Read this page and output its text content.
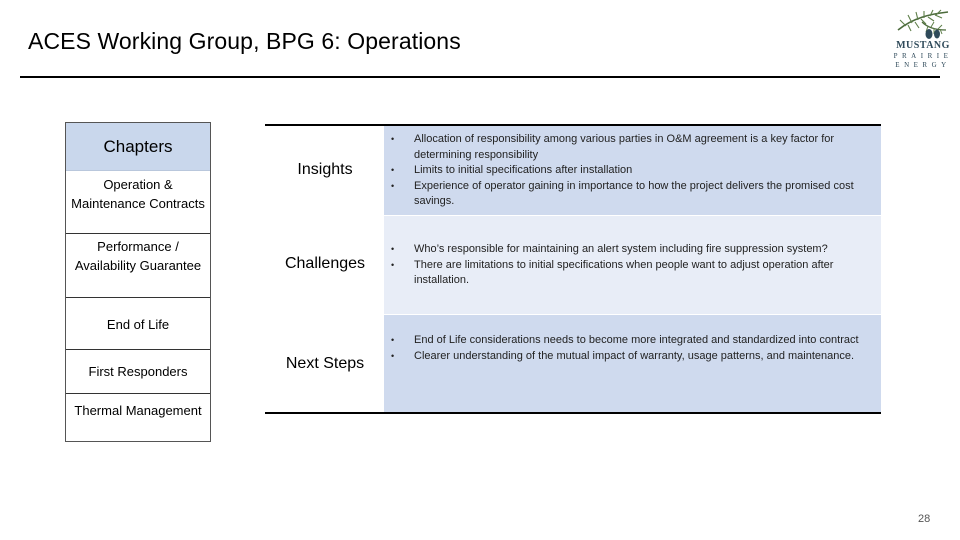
ACES Working Group, BPG 6: Operations	MUSTANG
PRAIRIE
ENERGY
Chapters
Operation & Maintenance Contracts
Performance / Availability Guarantee
End of Life
First Responders
Thermal Management
Insights
• Allocation of responsibility among various parties in O&M agreement is a key factor for determining responsibility
• Limits to initial specifications after installation
• Experience of operator gaining in importance to how the project delivers the promised cost savings.
Challenges
• Who’s responsible for maintaining an alert system including fire suppression system?
• There are limitations to initial specifications when people want to adjust operation after installation.
Next Steps
• End of Life considerations needs to become more integrated and standardized into contract
• Clearer understanding of the mutual impact of warranty, usage patterns, and maintenance.
28
